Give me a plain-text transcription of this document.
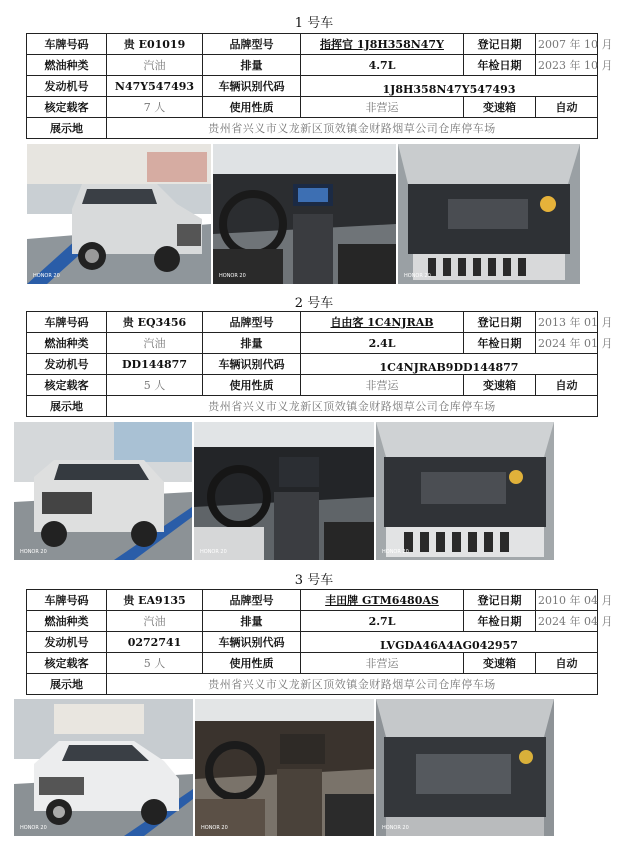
1 号车
车牌号码	贵 E01019	品牌型号	指挥官 1J8H358N47Y	登记日期	2007 年 10 月
燃油种类	汽油	排量	4.7L	年检日期	2023 年 10 月
发动机号	N47Y547493	车辆识别代码	1J8H358N47Y547493		
核定载客	7 人	使用性质	非营运	变速箱	自动
展示地	贵州省兴义市义龙新区顶效镇金财路烟草公司仓库停车场				
HONOR 20	HONOR 20	HONOR 20
2 号车
车牌号码	贵 EQ3456	品牌型号	自由客 1C4NJRAB	登记日期	2013 年 01 月
燃油种类	汽油	排量	2.4L	年检日期	2024 年 01 月
发动机号	DD144877	车辆识别代码	1C4NJRAB9DD144877		
核定载客	5 人	使用性质	非营运	变速箱	自动
展示地	贵州省兴义市义龙新区顶效镇金财路烟草公司仓库停车场				
HONOR 20	HONOR 20	HONOR 20
3 号车
车牌号码	贵 EA9135	品牌型号	丰田牌 GTM6480AS	登记日期	2010 年 04 月
燃油种类	汽油	排量	2.7L	年检日期	2024 年 04 月
发动机号	0272741	车辆识别代码	LVGDA46A4AG042957		
核定载客	5 人	使用性质	非营运	变速箱	自动
展示地	贵州省兴义市义龙新区顶效镇金财路烟草公司仓库停车场				
HONOR 20	HONOR 20	HONOR 20
